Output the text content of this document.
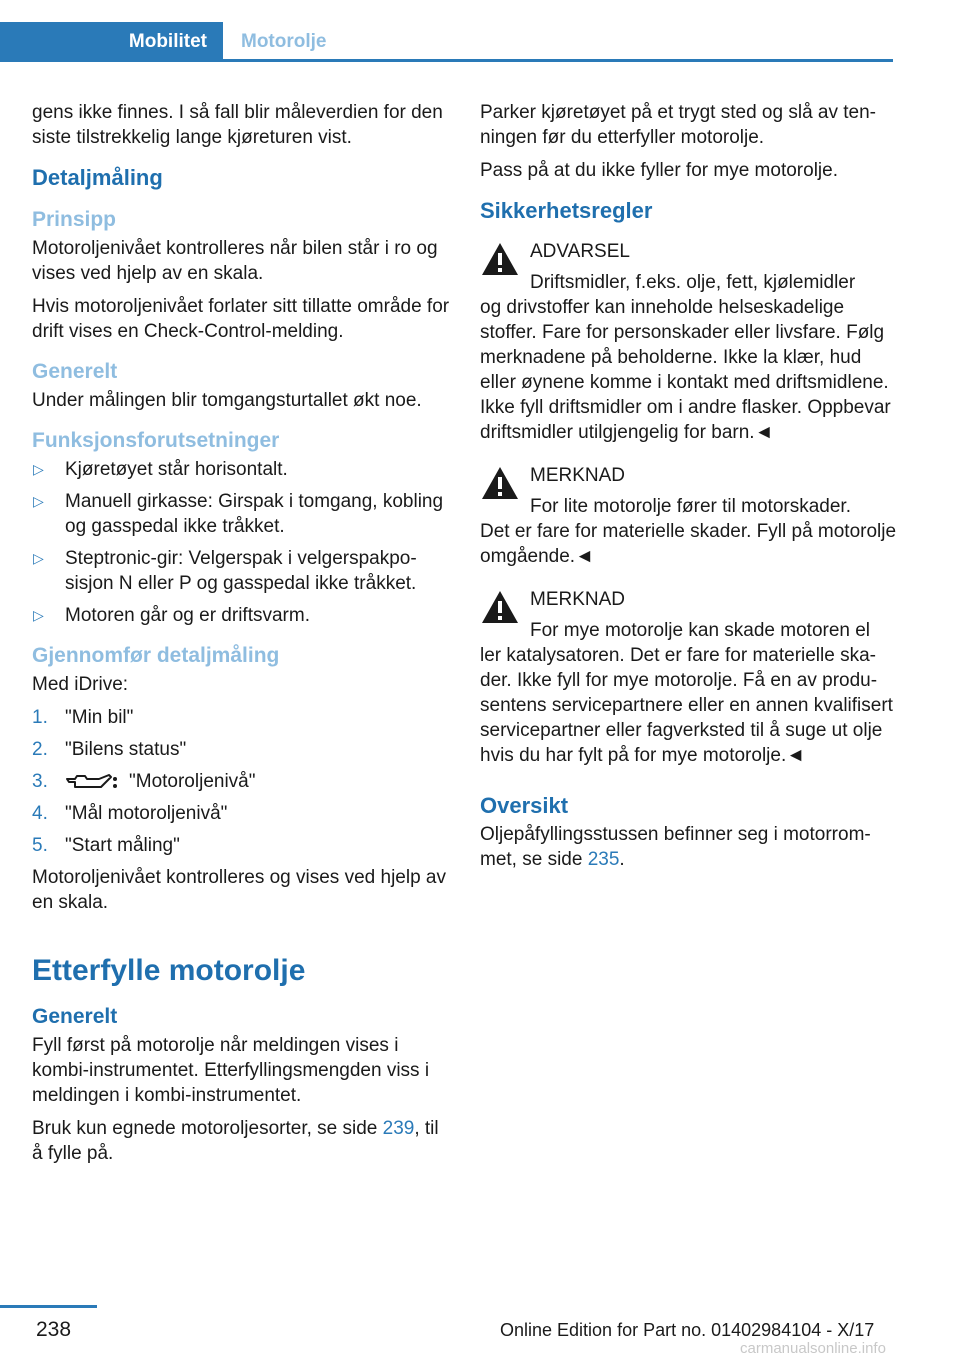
Mobilitet Motorolje

gens ikke finnes. I så fall blir måleverdien for den siste tilstrekkelig lange kjøreturen vist.

Detaljmåling
Prinsipp

Motoroljenivået kontrolleres når bilen står i ro og vises ved hjelp av en skala.

Hvis motoroljenivået forlater sitt tillatte område for drift vises en Check-Control-melding.

Generelt

Under målingen blir tomgangsturtallet økt noe.

Funksjonsforutsetninger
▷ Kjøretøyet står horisontalt.
▷ Manuell girkasse: Girspak i tomgang, kobling og gasspedal ikke tråkket.
▷ Steptronic-gir: Velgerspak i velgerspakposisjon N eller P og gasspedal ikke tråkket.
▷ Motoren går og er driftsvarm.
Gjennomfør detaljmåling

Med iDrive:

1. "Min bil"
2. "Bilens status"
3.	"Motoroljenivå"
4. "Mål motoroljenivå"
5. "Start måling"

Motoroljenivået kontrolleres og vises ved hjelp av en skala.

Etterfylle motorolje
Generelt

Fyll først på motorolje når meldingen vises i kombi-instrumentet. Etterfyllingsmengden viss i meldingen i kombi-instrumentet.

Bruk kun egnede motoroljesorter, se side 239, til å fylle på.

Parker kjøretøyet på et trygt sted og slå av tenningen før du etterfyller motorolje.

Pass på at du ikke fyller for mye motorolje.

Sikkerhetsregler
ADVARSEL
Driftsmidler, f.eks. olje, fett, kjølemidler
og drivstoffer kan inneholde helseskadelige stoffer. Fare for personskader eller livsfare. Følg merknadene på beholderne. Ikke la klær, hud eller øynene komme i kontakt med driftsmidlene. Ikke fyll driftsmidler om i andre flasker. Oppbevar driftsmidler utilgjengelig for barn.◄
MERKNAD
For lite motorolje fører til motorskader.
Det er fare for materielle skader. Fyll på motorolje omgående.◄
MERKNAD
For mye motorolje kan skade motoren el
ler katalysatoren. Det er fare for materielle skader. Ikke fyll for mye motorolje. Få en av produsentens servicepartnere eller en annen kvalifisert servicepartner eller fagverksted til å suge ut olje hvis du har fylt på for mye motorolje.◄
Oversikt

Oljepåfyllingsstussen befinner seg i motorrommet, se side 235.

238	Online Edition for Part no. 01402984104 - X/17
carmanualsonline.info
